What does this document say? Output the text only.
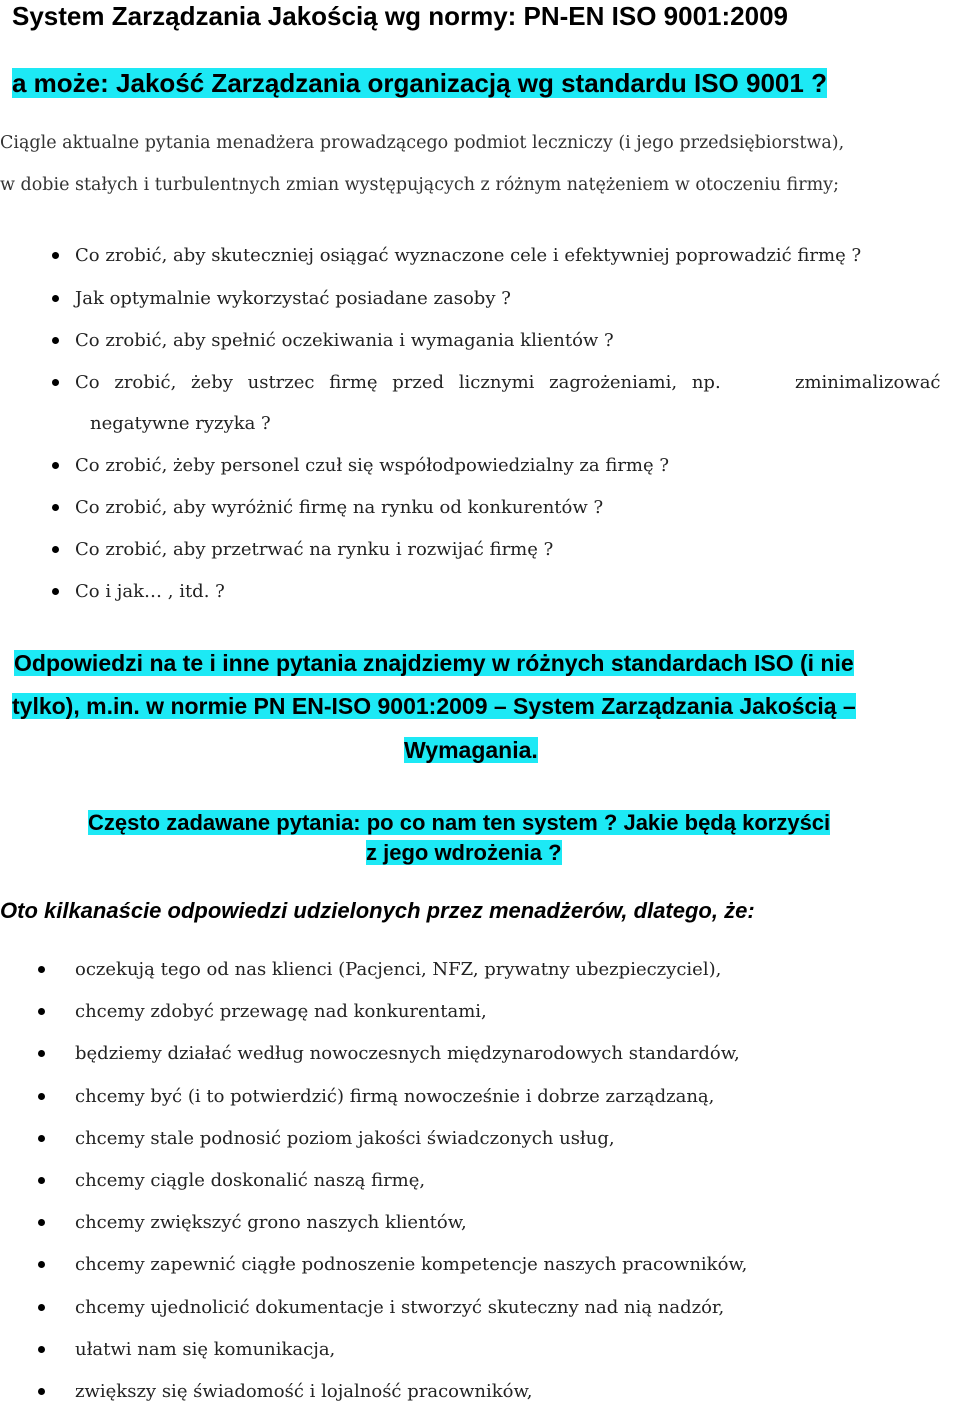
System Zarządzania Jakością wg normy: PN-EN ISO 9001:2009
a może: Jakość Zarządzania organizacją wg standardu ISO 9001 ?
Ciągle aktualne pytania menadżera prowadzącego podmiot leczniczy (i jego przedsiębiorstwa),
w dobie stałych i turbulentnych zmian występujących z różnym natężeniem w otoczeniu firmy;
Co zrobić, aby skuteczniej osiągać wyznaczone cele i efektywniej poprowadzić firmę ?
Jak optymalnie wykorzystać posiadane zasoby ?
Co zrobić, aby spełnić oczekiwania i wymagania klientów ?
Co zrobić, żeby ustrzec firmę przed licznymi zagrożeniami, np.	zminimalizować
negatywne ryzyka ?
Co zrobić, żeby personel czuł się współodpowiedzialny za firmę ?
Co zrobić, aby wyróżnić firmę na rynku od konkurentów ?
Co zrobić, aby przetrwać na rynku i rozwijać firmę ?
Co i jak… , itd. ?
Odpowiedzi na te i inne pytania znajdziemy w różnych standardach ISO (i nie
tylko), m.in. w normie PN EN-ISO 9001:2009 – System Zarządzania Jakością –
Wymagania.
Często zadawane pytania: po co nam ten system ? Jakie będą korzyści
z jego wdrożenia ?
Oto kilkanaście odpowiedzi udzielonych przez menadżerów, dlatego, że:
oczekują tego od nas klienci (Pacjenci, NFZ, prywatny ubezpieczyciel),
chcemy zdobyć przewagę nad konkurentami,
będziemy działać według nowoczesnych międzynarodowych standardów,
chcemy być (i to potwierdzić) firmą nowocześnie i dobrze zarządzaną,
chcemy stale podnosić poziom jakości świadczonych usług,
chcemy ciągle doskonalić naszą firmę,
chcemy zwiększyć grono naszych klientów,
chcemy zapewnić ciągłe podnoszenie kompetencje naszych pracowników,
chcemy ujednolicić dokumentacje i stworzyć skuteczny nad nią nadzór,
ułatwi nam się komunikacja,
zwiększy się świadomość i lojalność pracowników,
